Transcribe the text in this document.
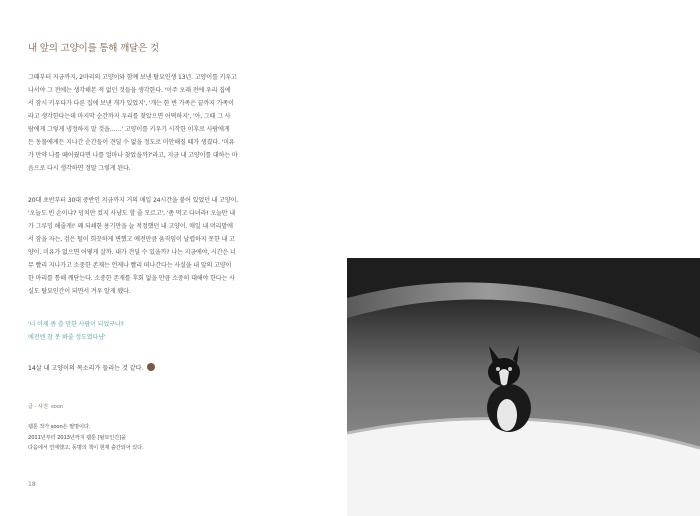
내 앞의 고양이를 통해 깨달은 것

그때부터 지금까지, 2마리의 고양이와 함께 보낸 탈묘인생 13년. 고양이를 키우고

나서야 그 전에는 생각해본 적 없던 것들을 생각한다. '이주 오래 전에 우리 집에

서 잠시 키우다가 다른 집에 보낸 개가 있었지', '개는 한 번 가족은 끝까지 가족이

라고 생각한다는데 마지막 순간까지 우리를 찾았으면 어떡하지', '아, 그때 그 사

람에게 그렇게 냉정하지 말 것을……' 고양이를 키우기 시작한 이후로 사람에게

든 동물에게든 지나간 순간들이 견딜 수 없을 정도로 미안해질 때가 생겼다. '미유

가 만약 나를 떼어줬다면 나를 얼마나 찾았을까?'라고, 지금 내 고양이를 대하는 마

음으로 다시 생각하면 정말 그렇게 된다.

20대 초반부터 30대 중반인 지금까지 거의 매일 24시간을 붙어 있었던 내 고양이.

'오늘도 빈 손이냐? 덩치만 컸지 사냥도 할 줄 모르고', '좀 먹고 다녀라! 오늘만 내

가 그루밍 해줄게!' 꽤 되쇄한 용기만을 늘 적정했던 내 고양이. 매일 내 머리맡에

서 잠을 자는, 검은 털이 희끗하게 변했고 예전만큼 움직임이 날렵하지 못한 내 고

양이. 미유가 없으면 어떻게 살까. 내가 견딜 수 있을까? 나는 지금에야, 시간은 너

무 빨리 지나가고 소중한 존재는 언제나 빨리 떠나간다는 사실을 내 앞의 고양이

한 마리를 통해 깨닫는다. 소중한 존재를 후회 없을 만큼 소중히 대해야 한다는 사

실도 탈묘인간이 되면서 겨우 알게 됐다.

'너 이제 좀 쓸 만한 사람이 되었구나?

예전엔 참 못 봐줄 정도였다냥'

14살 내 고양이의 목소리가 들리는 것 같다.
글 · 사진 soon

웹툰 작가 soon은 필명이다.

2011년부터 2013년까지 웹툰 [탈묘인간]을

다음에서 연재했고, 동명의 책이 현재 출간되어 있다.

18
